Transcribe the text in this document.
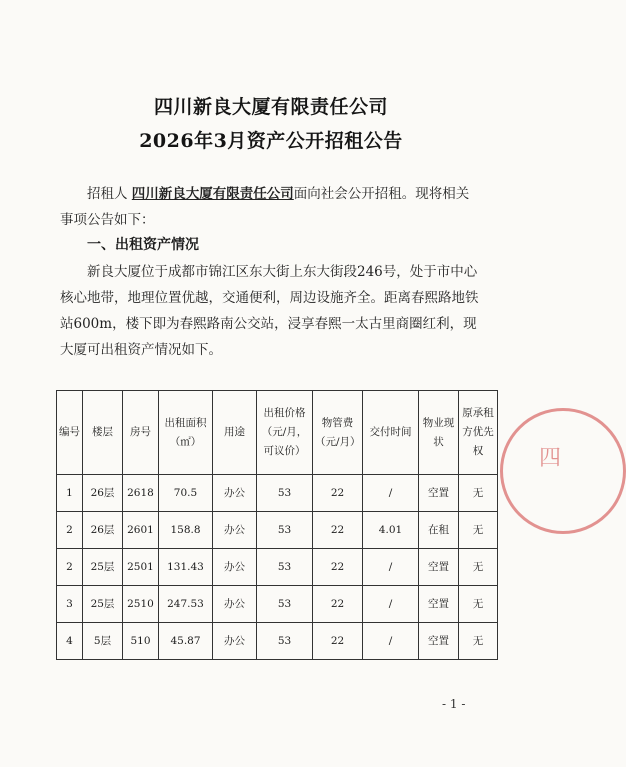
四川新良大厦有限责任公司
2026年3月资产公开招租公告
招租人 四川新良大厦有限责任公司面向社会公开招租。现将相关事项公告如下：
一、出租资产情况
新良大厦位于成都市锦江区东大街上东大街段246号，处于市中心核心地带，地理位置优越，交通便利，周边设施齐全。距离春熙路地铁站600m，楼下即为春熙路南公交站，浸享春熙一太古里商圈红利，现大厦可出租资产情况如下。
编号	楼层	房号	出租面积（㎡）	用途	出租价格（元/月，可议价）	物管费（元/月）	交付时间	物业现状	原承租方优先权
1	26层	2618	70.5	办公	53	22	/	空置	无
2	26层	2601	158.8	办公	53	22	4.01	在租	无
2	25层	2501	131.43	办公	53	22	/	空置	无
3	25层	2510	247.53	办公	53	22	/	空置	无
4	5层	510	45.87	办公	53	22	/	空置	无
四
- 1 -
